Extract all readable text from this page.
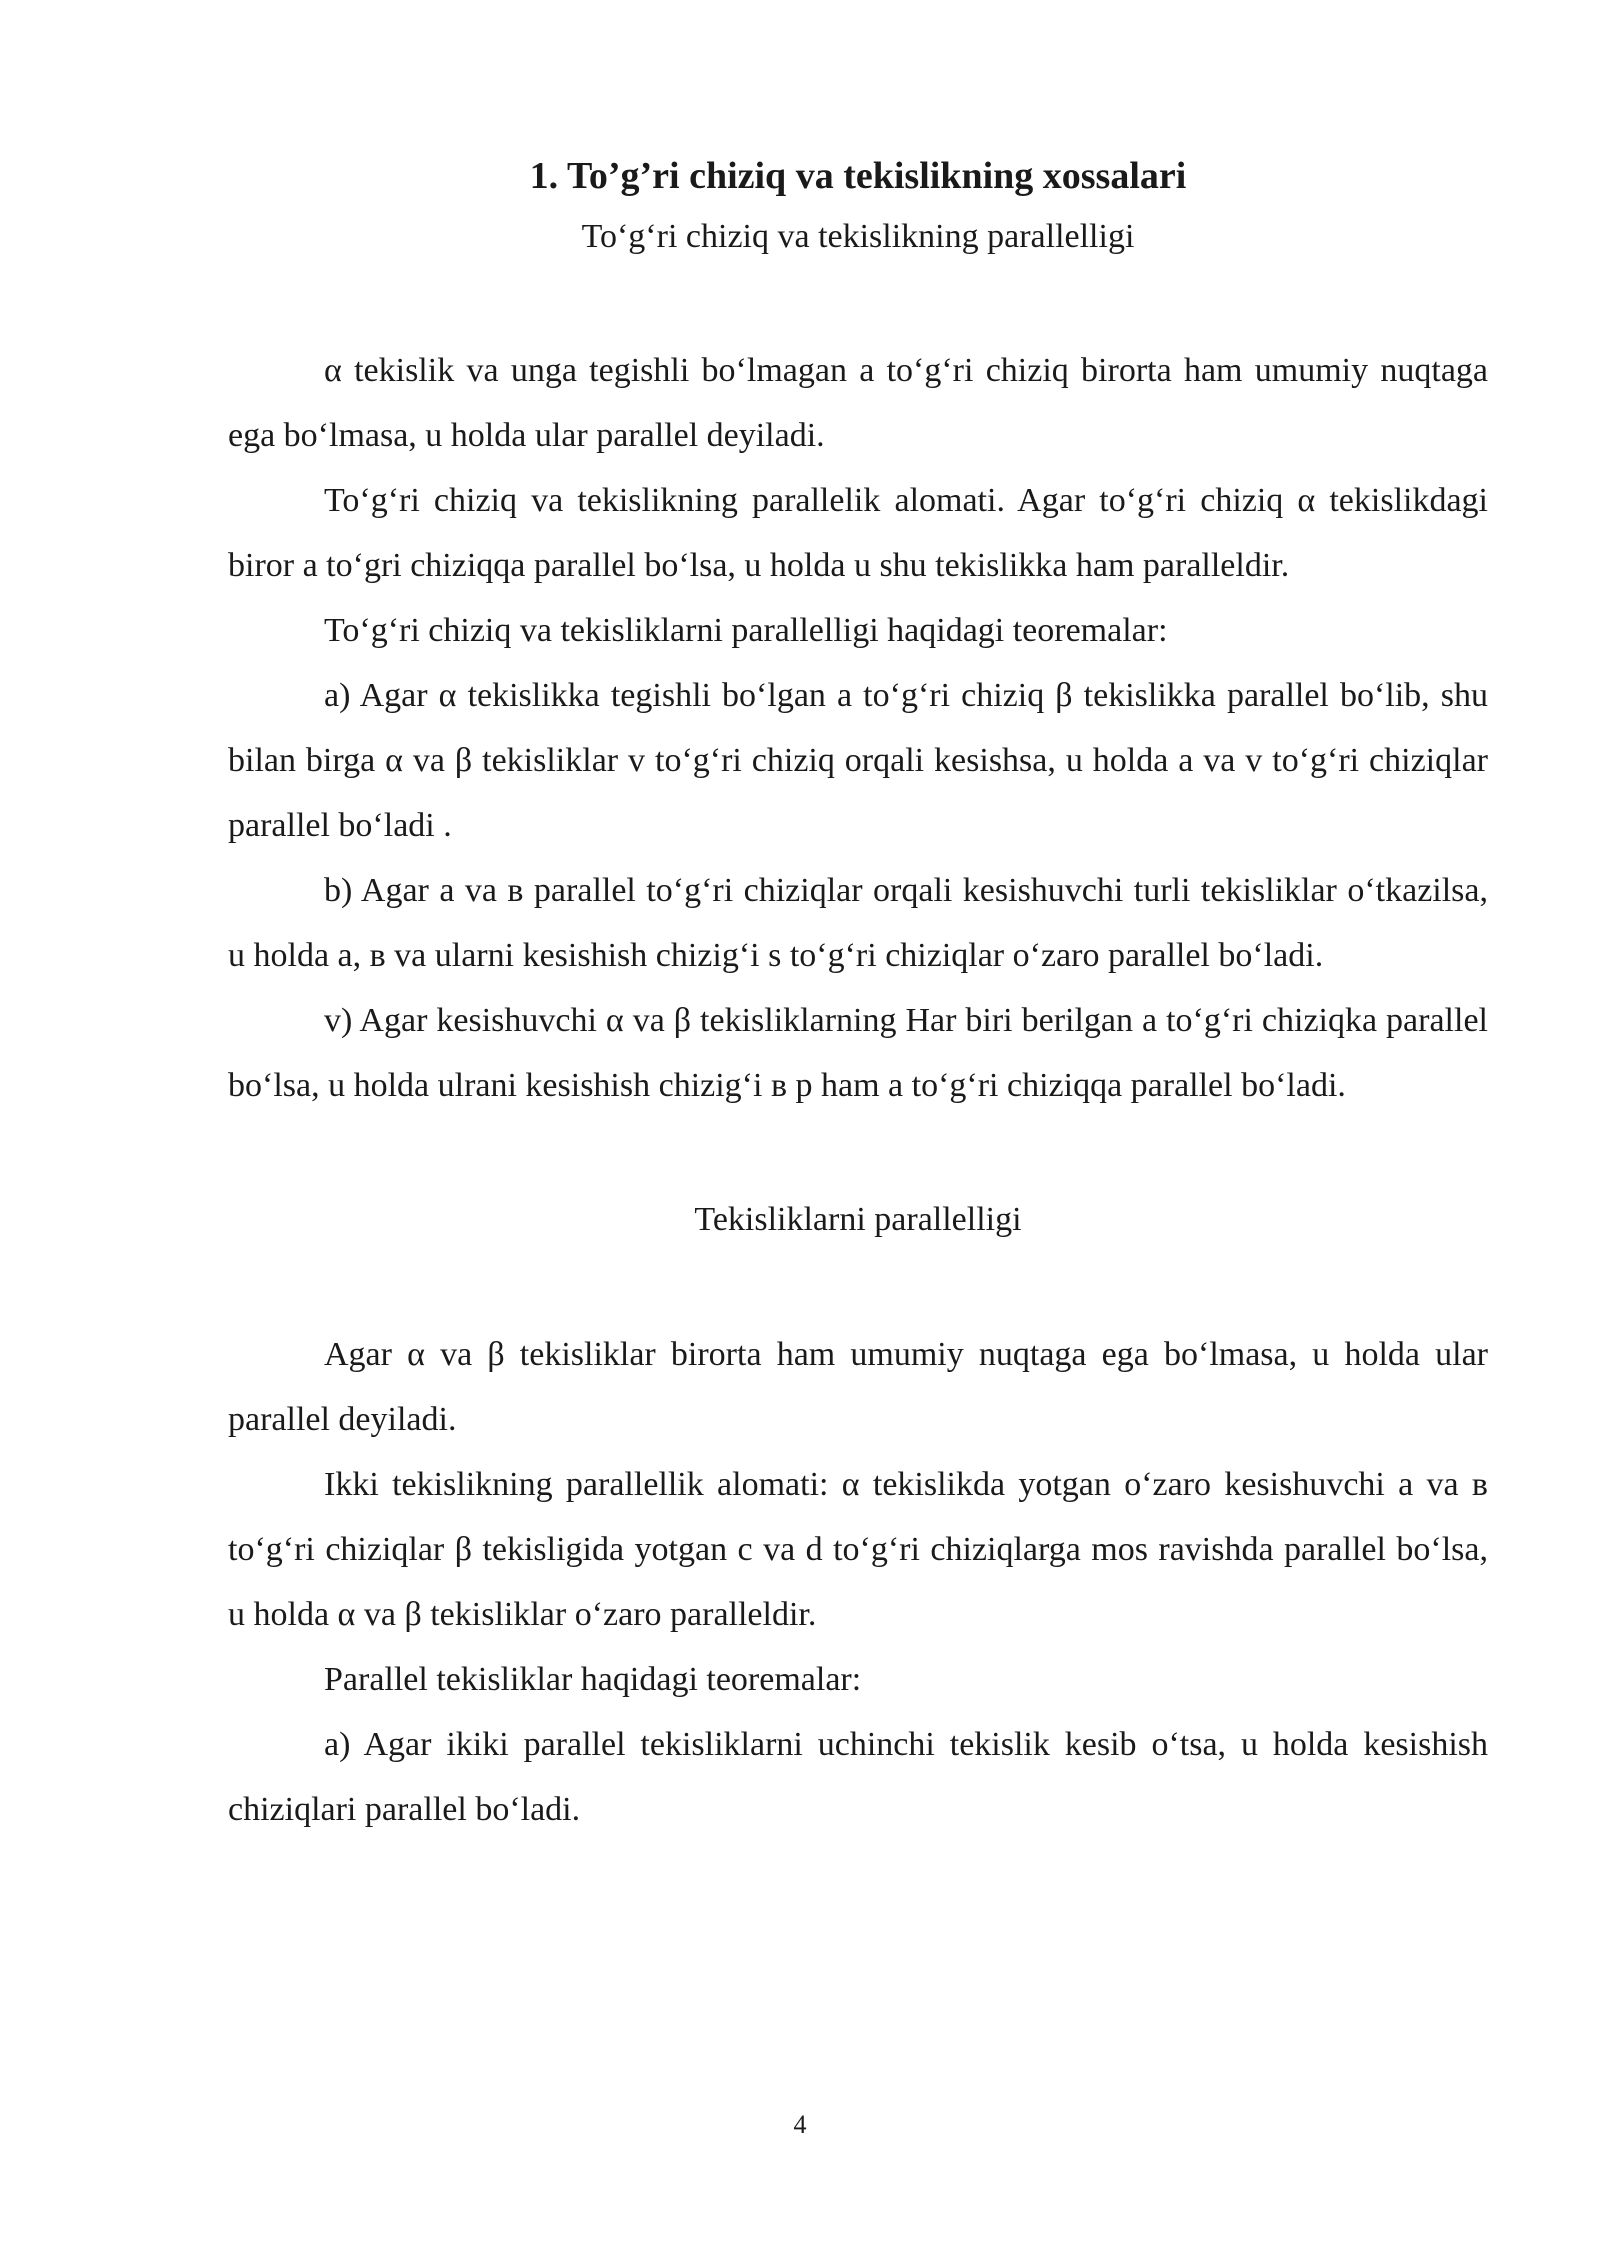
1. To’g’ri chiziq va tekislikning xossalari
To‘g‘ri chiziq va tekislikning parallelligi

α tekislik va unga tegishli bo‘lmagan a to‘g‘ri chiziq birorta ham umumiy nuqtaga ega bo‘lmasa, u holda ular parallel deyiladi.

To‘g‘ri chiziq va tekislikning parallelik alomati. Agar to‘g‘ri chiziq α tekislikdagi biror a to‘gri chiziqqa parallel bo‘lsa, u holda u shu tekislikka ham parallеldir.

To‘g‘ri chiziq va tekisliklarni parallelligi haqidagi teoremalar:

a) Agar α tekislikka tegishli bo‘lgan a to‘g‘ri chiziq β tekislikka parallel bo‘lib, shu bilan birga α va β tekisliklar v to‘g‘ri chiziq orqali kesishsa, u holda a va v to‘g‘ri chiziqlar parallel bo‘ladi .

b) Agar a va в parallel to‘g‘ri chiziqlar orqali kesishuvchi turli tekisliklar o‘tkazilsa, u holda a, в va ularni kesishish chizig‘i s to‘g‘ri chiziqlar o‘zaro parallel bo‘ladi.

v) Agar kesishuvchi α va β tekisliklarning Har biri berilgan a to‘g‘ri chiziqka parallel bo‘lsa, u holda ulrani kesishish chizig‘i в p ham a to‘g‘ri chiziqqa parallel bo‘ladi.

Tekisliklarni parallelligi

Agar α va β tekisliklar birorta ham umumiy nuqtaga ega bo‘lmasa, u holda ular parallel deyiladi.

Ikki tekislikning parallellik alomati: α tekislikda yotgan o‘zaro kesishuvchi a va в to‘g‘ri chiziqlar β tekisligida yotgan c va d to‘g‘ri chiziqlarga mos ravishda parallel bo‘lsa, u holda α va β tekisliklar o‘zaro parallеldir.

Parallel tekisliklar haqidagi teoremalar:

a) Agar ikiki parallel tekisliklarni uchinchi tekislik kesib o‘tsa, u holda kesishish chiziqlari parallel bo‘ladi.

4
